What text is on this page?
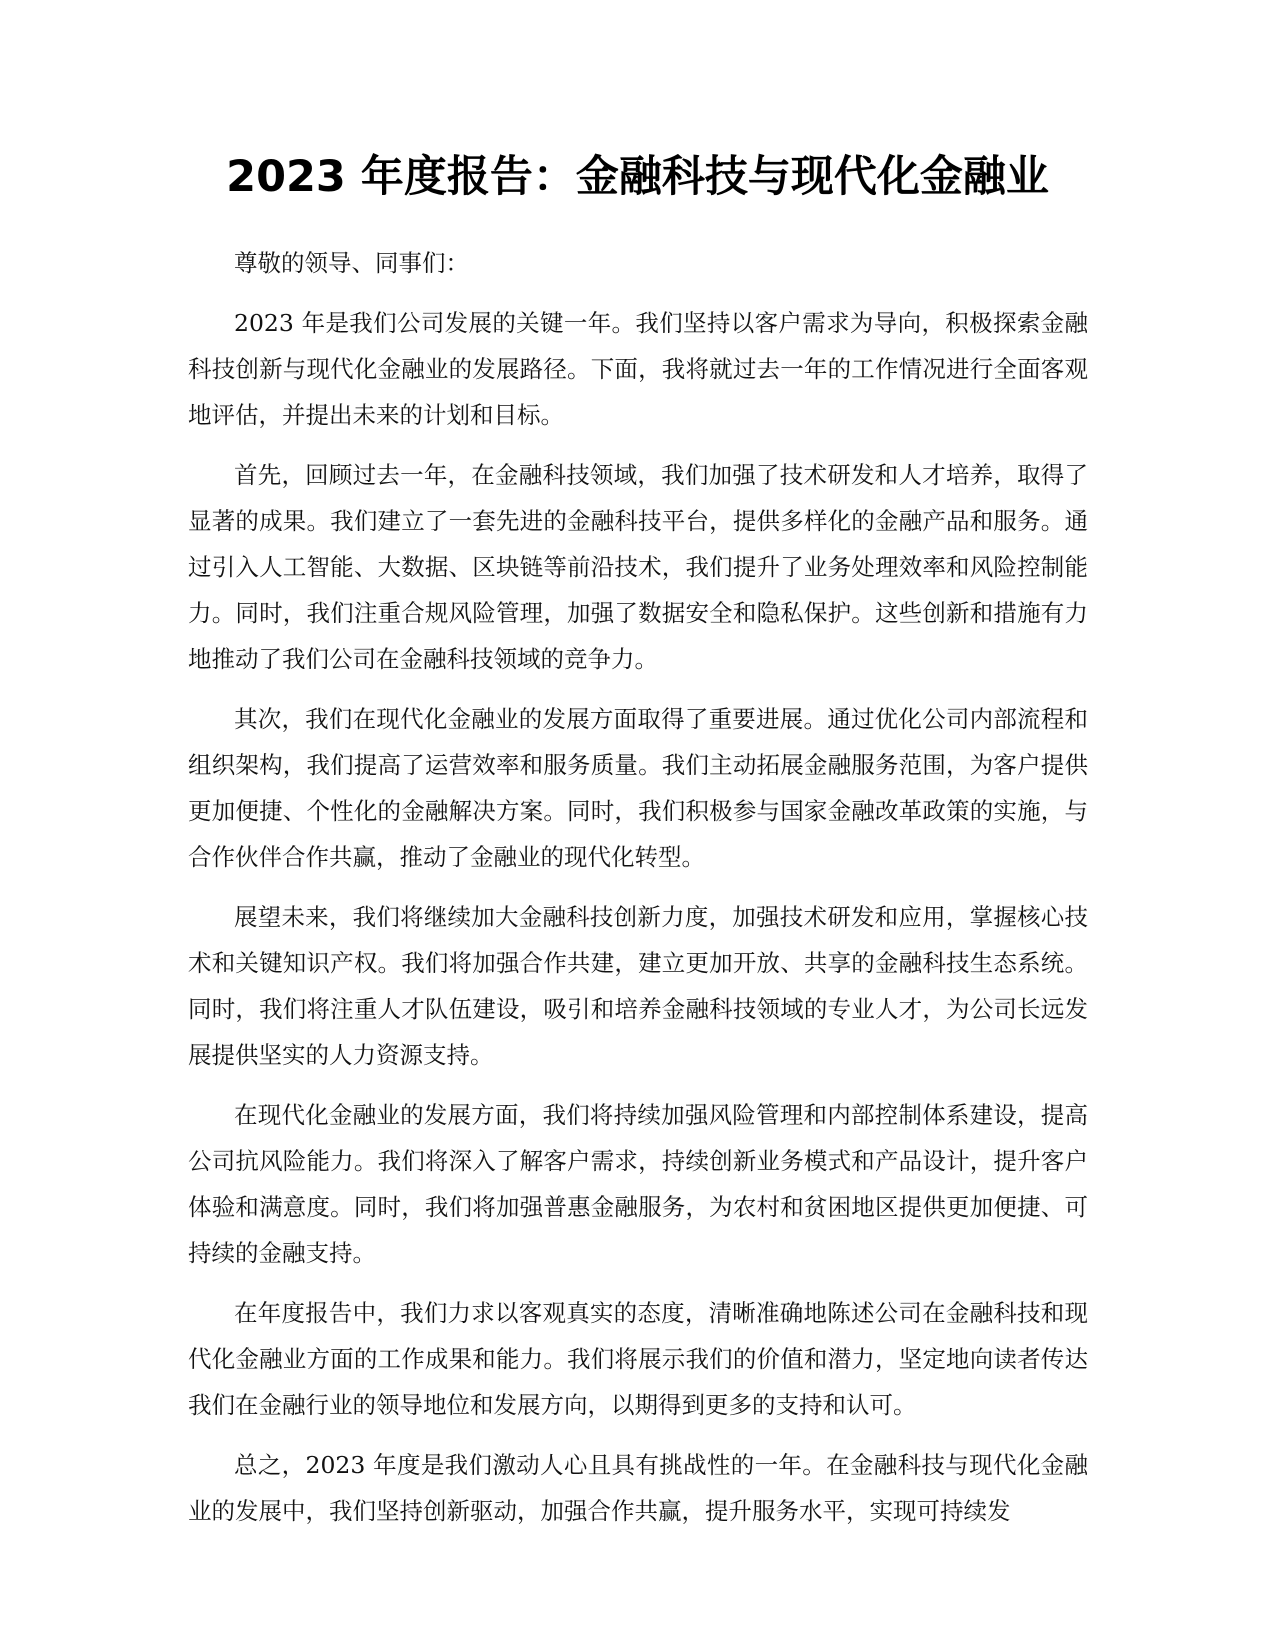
2023 年度报告：金融科技与现代化金融业

尊敬的领导、同事们：

2023 年是我们公司发展的关键一年。我们坚持以客户需求为导向，积极探索金融科技创新与现代化金融业的发展路径。下面，我将就过去一年的工作情况进行全面客观地评估，并提出未来的计划和目标。

首先，回顾过去一年，在金融科技领域，我们加强了技术研发和人才培养，取得了显著的成果。我们建立了一套先进的金融科技平台，提供多样化的金融产品和服务。通过引入人工智能、大数据、区块链等前沿技术，我们提升了业务处理效率和风险控制能力。同时，我们注重合规风险管理，加强了数据安全和隐私保护。这些创新和措施有力地推动了我们公司在金融科技领域的竞争力。

其次，我们在现代化金融业的发展方面取得了重要进展。通过优化公司内部流程和组织架构，我们提高了运营效率和服务质量。我们主动拓展金融服务范围，为客户提供更加便捷、个性化的金融解决方案。同时，我们积极参与国家金融改革政策的实施，与合作伙伴合作共赢，推动了金融业的现代化转型。

展望未来，我们将继续加大金融科技创新力度，加强技术研发和应用，掌握核心技术和关键知识产权。我们将加强合作共建，建立更加开放、共享的金融科技生态系统。同时，我们将注重人才队伍建设，吸引和培养金融科技领域的专业人才，为公司长远发展提供坚实的人力资源支持。

在现代化金融业的发展方面，我们将持续加强风险管理和内部控制体系建设，提高公司抗风险能力。我们将深入了解客户需求，持续创新业务模式和产品设计，提升客户体验和满意度。同时，我们将加强普惠金融服务，为农村和贫困地区提供更加便捷、可持续的金融支持。

在年度报告中，我们力求以客观真实的态度，清晰准确地陈述公司在金融科技和现代化金融业方面的工作成果和能力。我们将展示我们的价值和潜力，坚定地向读者传达我们在金融行业的领导地位和发展方向，以期得到更多的支持和认可。

总之，2023 年度是我们激动人心且具有挑战性的一年。在金融科技与现代化金融业的发展中，我们坚持创新驱动，加强合作共赢，提升服务水平，实现可持续发
